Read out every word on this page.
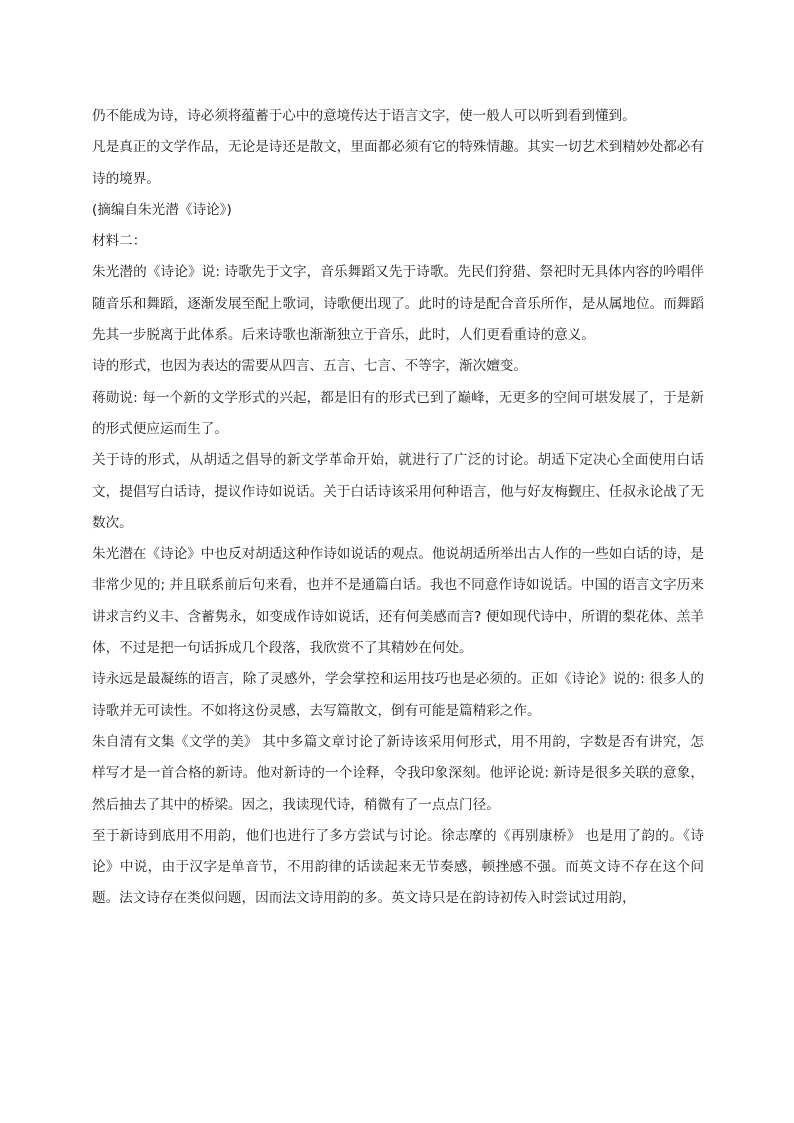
仍不能成为诗，诗必须将蕴蓄于心中的意境传达于语言文字，使一般人可以听到看到懂到。

凡是真正的文学作品，无论是诗还是散文，里面都必须有它的特殊情趣。其实一切艺术到精妙处都必有诗的境界。

(摘编自朱光潜《诗论》)

材料二：

朱光潜的《诗论》说: 诗歌先于文字，音乐舞蹈又先于诗歌。先民们狩猎、祭祀时无具体内容的吟唱伴随音乐和舞蹈，逐渐发展至配上歌词，诗歌便出现了。此时的诗是配合音乐所作，是从属地位。而舞蹈先其一步脱离于此体系。后来诗歌也渐渐独立于音乐，此时，人们更看重诗的意义。

诗的形式，也因为表达的需要从四言、五言、七言、不等字，渐次嬗变。

蒋勋说: 每一个新的文学形式的兴起，都是旧有的形式已到了巅峰，无更多的空间可堪发展了，于是新的形式便应运而生了。

关于诗的形式，从胡适之倡导的新文学革命开始，就进行了广泛的讨论。胡适下定决心全面使用白话文，提倡写白话诗，提议作诗如说话。关于白话诗该采用何种语言，他与好友梅觐庄、任叔永论战了无数次。

朱光潜在《诗论》中也反对胡适这种作诗如说话的观点。他说胡适所举出古人作的一些如白话的诗，是非常少见的; 并且联系前后句来看，也并不是通篇白话。我也不同意作诗如说话。中国的语言文字历来讲求言约义丰、含蓄隽永，如变成作诗如说话，还有何美感而言? 便如现代诗中，所谓的梨花体、羔羊体，不过是把一句话拆成几个段落，我欣赏不了其精妙在何处。

诗永远是最凝练的语言，除了灵感外，学会掌控和运用技巧也是必须的。正如《诗论》说的: 很多人的诗歌并无可读性。不如将这份灵感，去写篇散文，倒有可能是篇精彩之作。

朱自清有文集《文学的美》 其中多篇文章讨论了新诗该采用何形式，用不用韵，字数是否有讲究，怎样写才是一首合格的新诗。他对新诗的一个诠释，令我印象深刻。他评论说: 新诗是很多关联的意象，然后抽去了其中的桥梁。因之，我读现代诗，稍微有了一点点门径。

至于新诗到底用不用韵，他们也进行了多方尝试与讨论。徐志摩的《再别康桥》 也是用了韵的。《诗论》中说，由于汉字是单音节，不用韵律的话读起来无节奏感，顿挫感不强。而英文诗不存在这个问题。法文诗存在类似问题，因而法文诗用韵的多。英文诗只是在韵诗初传入时尝试过用韵，
